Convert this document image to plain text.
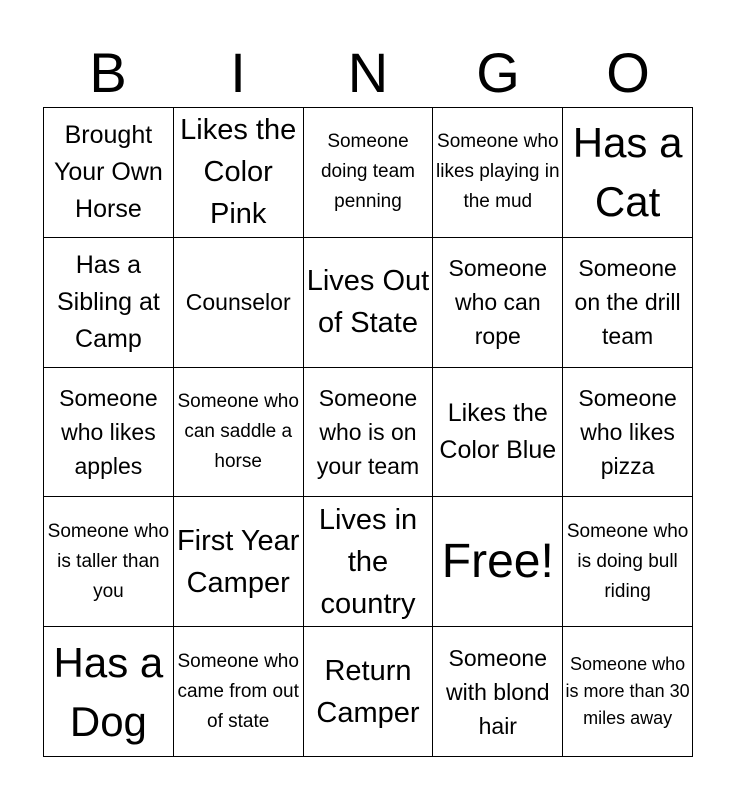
B	I	N	G	O
Brought Your Own Horse
Likes the Color Pink
Someone doing team penning
Someone who likes playing in the mud
Has a Cat
Has a Sibling at Camp
Counselor
Lives Out of State
Someone who can rope
Someone on the drill team
Someone who likes apples
Someone who can saddle a horse
Someone who is on your team
Likes the Color Blue
Someone who likes pizza
Someone who is taller than you
First Year Camper
Lives in the country
Free!
Someone who is doing bull riding
Has a Dog
Someone who came from out of state
Return Camper
Someone with blond hair
Someone who is more than 30 miles away
